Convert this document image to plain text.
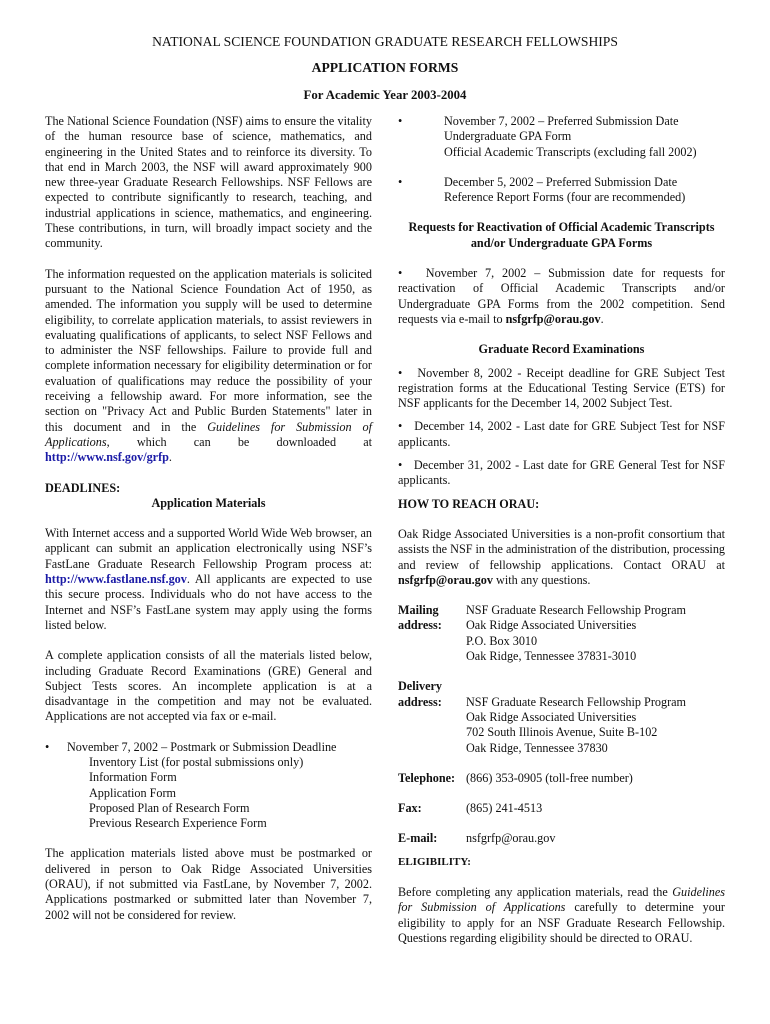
NATIONAL SCIENCE FOUNDATION GRADUATE RESEARCH FELLOWSHIPS
APPLICATION FORMS
For Academic Year 2003-2004

The National Science Foundation (NSF) aims to ensure the vitality of the human resource base of science, mathematics, and engineering in the United States and to reinforce its diversity. To that end in March 2003, the NSF will award approximately 900 new three-year Graduate Research Fellowships. NSF Fellows are expected to contribute significantly to research, teaching, and industrial applications in science, mathematics, and engineering. These contributions, in turn, will broadly impact society and the community.

The information requested on the application materials is solicited pursuant to the National Science Foundation Act of 1950, as amended. The information you supply will be used to determine eligibility, to correlate application materials, to assist reviewers in evaluating qualifications of applicants, to select NSF Fellows and to administer the NSF fellowships. Failure to provide full and complete information necessary for eligibility determination or for evaluation of qualifications may reduce the possibility of your receiving a fellowship award. For more information, see the section on "Privacy Act and Public Burden Statements" later in this document and in the Guidelines for Submission of Applications, which can be downloaded at http://www.nsf.gov/grfp.

DEADLINES:

Application Materials

With Internet access and a supported World Wide Web browser, an applicant can submit an application electronically using NSF’s FastLane Graduate Research Fellowship Program process at: http://www.fastlane.nsf.gov. All applicants are expected to use this secure process. Individuals who do not have access to the Internet and NSF’s FastLane system may apply using the forms listed below.

A complete application consists of all the materials listed below, including Graduate Record Examinations (GRE) General and Subject Tests scores. An incomplete application is at a disadvantage in the competition and may not be evaluated. Applications are not accepted via fax or e-mail.

•	November 7, 2002 – Postmark or Submission Deadline

Inventory List (for postal submissions only)

Information Form

Application Form

Proposed Plan of Research Form

Previous Research Experience Form

The application materials listed above must be postmarked or delivered in person to Oak Ridge Associated Universities (ORAU), if not submitted via FastLane, by November 7, 2002. Applications postmarked or submitted later than November 7, 2002 will not be considered for review.

•	November 7, 2002 – Preferred Submission Date

Undergraduate GPA Form

Official Academic Transcripts (excluding fall 2002)

•	December 5, 2002 – Preferred Submission Date

Reference Report Forms (four are recommended)

Requests for Reactivation of Official Academic Transcripts and/or Undergraduate GPA Forms

• November 7, 2002 – Submission date for requests for reactivation of Official Academic Transcripts and/or Undergraduate GPA Forms from the 2002 competition. Send requests via e-mail to nsfgrfp@orau.gov.

Graduate Record Examinations

• November 8, 2002 - Receipt deadline for GRE Subject Test registration forms at the Educational Testing Service (ETS) for NSF applicants for the December 14, 2002 Subject Test.

• December 14, 2002 - Last date for GRE Subject Test for NSF applicants.

• December 31, 2002 - Last date for GRE General Test for NSF applicants.

HOW TO REACH ORAU:

Oak Ridge Associated Universities is a non-profit consortium that assists the NSF in the administration of the distribution, processing and review of fellowship applications. Contact ORAU at nsfgrfp@orau.gov with any questions.

Mailing

address:

NSF Graduate Research Fellowship Program

Oak Ridge Associated Universities

P.O. Box 3010

Oak Ridge, Tennessee 37831-3010

Delivery

address:

	NSF Graduate Research Fellowship Program

Oak Ridge Associated Universities

702 South Illinois Avenue, Suite B-102

Oak Ridge, Tennessee 37830

Telephone: (866) 353-0905 (toll-free number)
Fax:	(865) 241-4513
E-mail:	nsfgrfp@orau.gov

ELIGIBILITY:

Before completing any application materials, read the Guidelines for Submission of Applications carefully to determine your eligibility to apply for an NSF Graduate Research Fellowship. Questions regarding eligibility should be directed to ORAU.
